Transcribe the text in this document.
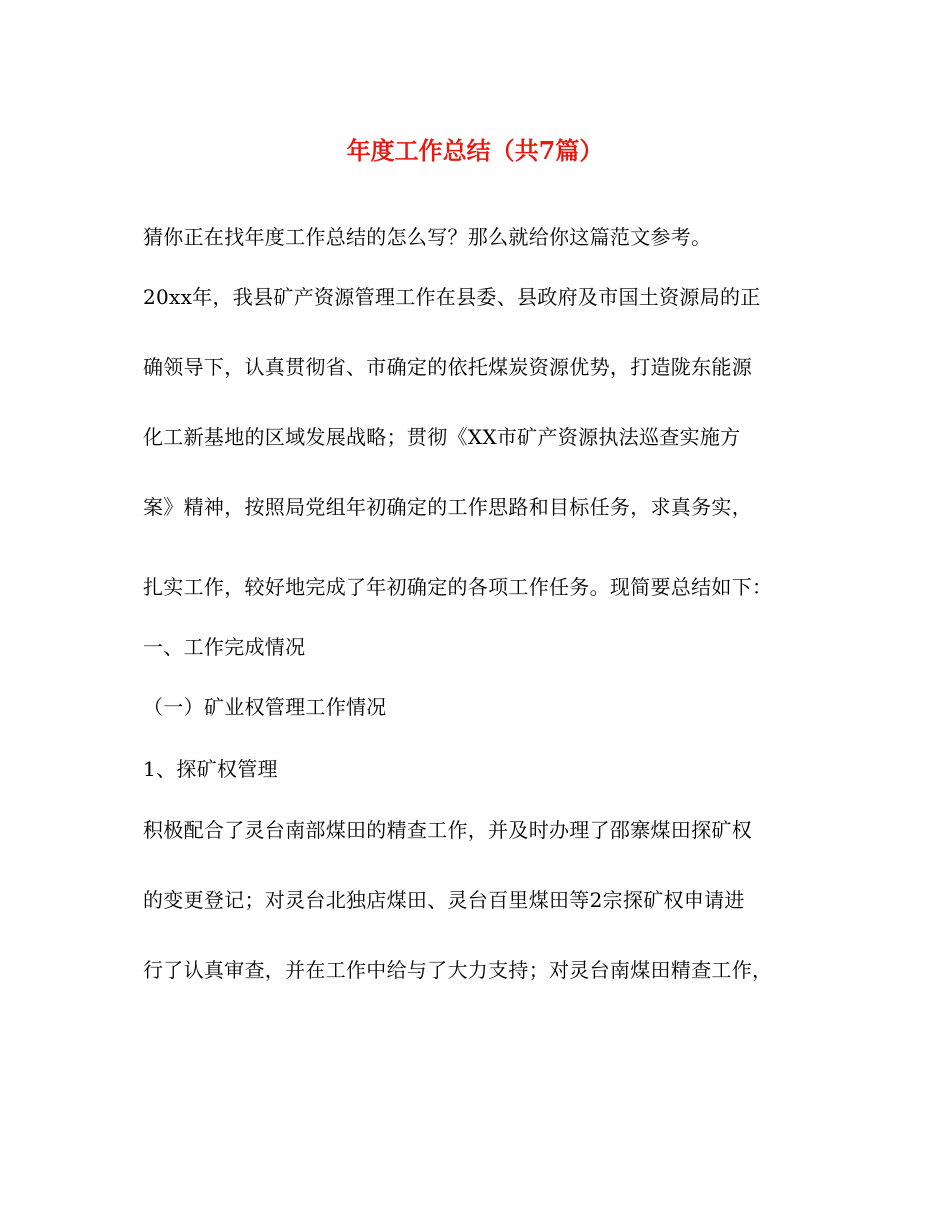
年度工作总结（共7篇）
猜你正在找年度工作总结的怎么写？那么就给你这篇范文参考。
20xx年，我县矿产资源管理工作在县委、县政府及市国土资源局的正
确领导下，认真贯彻省、市确定的依托煤炭资源优势，打造陇东能源
化工新基地的区域发展战略；贯彻《XX市矿产资源执法巡查实施方
案》精神，按照局党组年初确定的工作思路和目标任务，求真务实，
扎实工作，较好地完成了年初确定的各项工作任务。现简要总结如下：
一、工作完成情况
（一）矿业权管理工作情况
1、探矿权管理
积极配合了灵台南部煤田的精查工作，并及时办理了邵寨煤田探矿权
的变更登记；对灵台北独店煤田、灵台百里煤田等2宗探矿权申请进
行了认真审查，并在工作中给与了大力支持；对灵台南煤田精查工作，
